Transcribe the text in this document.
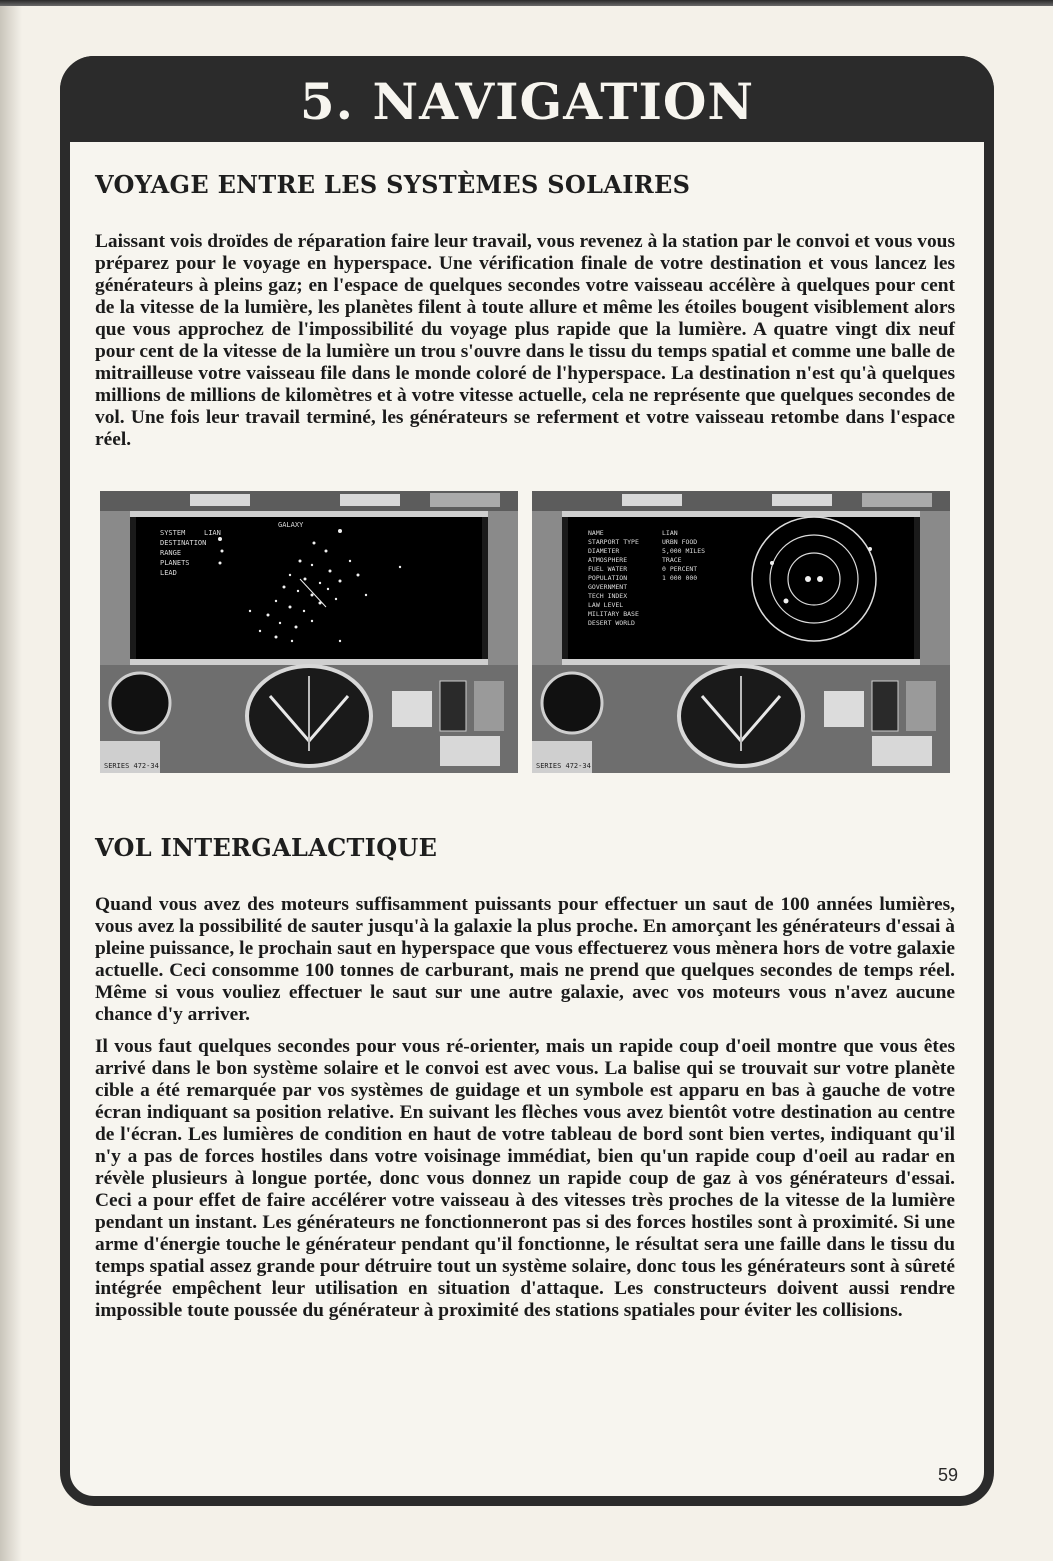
5. NAVIGATION
VOYAGE ENTRE LES SYSTÈMES SOLAIRES

Laissant vois droïdes de réparation faire leur travail, vous revenez à la station par le convoi et vous vous préparez pour le voyage en hyperspace. Une vérification finale de votre destination et vous lancez les générateurs à pleins gaz; en l'espace de quelques secondes votre vaisseau accélère à quelques pour cent de la vitesse de la lumière, les planètes filent à toute allure et même les étoiles bougent visiblement alors que vous approchez de l'impossibilité du voyage plus rapide que la lumière. A quatre vingt dix neuf pour cent de la vitesse de la lumière un trou s'ouvre dans le tissu du temps spatial et comme une balle de mitrailleuse votre vaisseau file dans le monde coloré de l'hyperspace. La destination n'est qu'à quelques millions de millions de kilomètres et à votre vitesse actuelle, cela ne représente que quelques secondes de vol. Une fois leur travail terminé, les générateurs se referment et votre vaisseau retombe dans l'espace réel.

SYSTEM
DESTINATION
RANGE
PLANETS
LEAD
LIAN
GALAXY
SERIES 472-34
NAME
STARPORT TYPE
DIAMETER
ATMOSPHERE
FUEL WATER
POPULATION
GOVERNMENT
TECH INDEX
LAW LEVEL
MILITARY BASE
DESERT WORLD
LIAN
URBN FOOD
5,000 MILES
TRACE
0 PERCENT
1 000 000
SERIES 472-34
VOL INTERGALACTIQUE

Quand vous avez des moteurs suffisamment puissants pour effectuer un saut de 100 années lumières, vous avez la possibilité de sauter jusqu'à la galaxie la plus proche. En amorçant les générateurs d'essai à pleine puissance, le prochain saut en hyperspace que vous effectuerez vous mènera hors de votre galaxie actuelle. Ceci consomme 100 tonnes de carburant, mais ne prend que quelques secondes de temps réel. Même si vous vouliez effectuer le saut sur une autre galaxie, avec vos moteurs vous n'avez aucune chance d'y arriver.

Il vous faut quelques secondes pour vous ré-orienter, mais un rapide coup d'oeil montre que vous êtes arrivé dans le bon système solaire et le convoi est avec vous. La balise qui se trouvait sur votre planète cible a été remarquée par vos systèmes de guidage et un symbole est apparu en bas à gauche de votre écran indiquant sa position relative. En suivant les flèches vous avez bientôt votre destination au centre de l'écran. Les lumières de condition en haut de votre tableau de bord sont bien vertes, indiquant qu'il n'y a pas de forces hostiles dans votre voisinage immédiat, bien qu'un rapide coup d'oeil au radar en révèle plusieurs à longue portée, donc vous donnez un rapide coup de gaz à vos générateurs d'essai. Ceci a pour effet de faire accélérer votre vaisseau à des vitesses très proches de la vitesse de la lumière pendant un instant. Les générateurs ne fonctionneront pas si des forces hostiles sont à proximité. Si une arme d'énergie touche le générateur pendant qu'il fonctionne, le résultat sera une faille dans le tissu du temps spatial assez grande pour détruire tout un système solaire, donc tous les générateurs sont à sûreté intégrée empêchent leur utilisation en situation d'attaque. Les constructeurs doivent aussi rendre impossible toute poussée du générateur à proximité des stations spatiales pour éviter les collisions.

59
